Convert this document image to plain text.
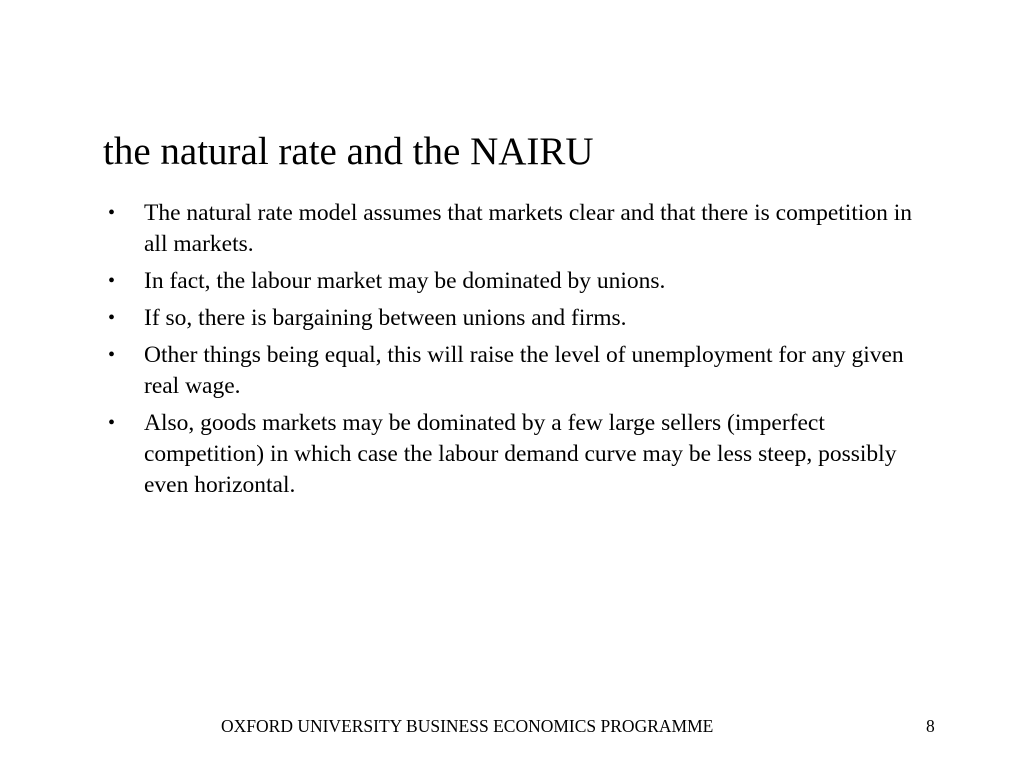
the natural rate and the NAIRU
•	The natural rate model assumes that markets clear and that there is competition in all markets.
•	In fact, the labour market may be dominated by unions.
•	If so, there is bargaining between unions and firms.
•	Other things being equal, this will raise the level of unemployment for any given real wage.
•	Also, goods markets may be dominated by a few large sellers (imperfect competition) in which case the labour demand curve may be less steep, possibly even horizontal.
OXFORD UNIVERSITY BUSINESS ECONOMICS PROGRAMME	8
